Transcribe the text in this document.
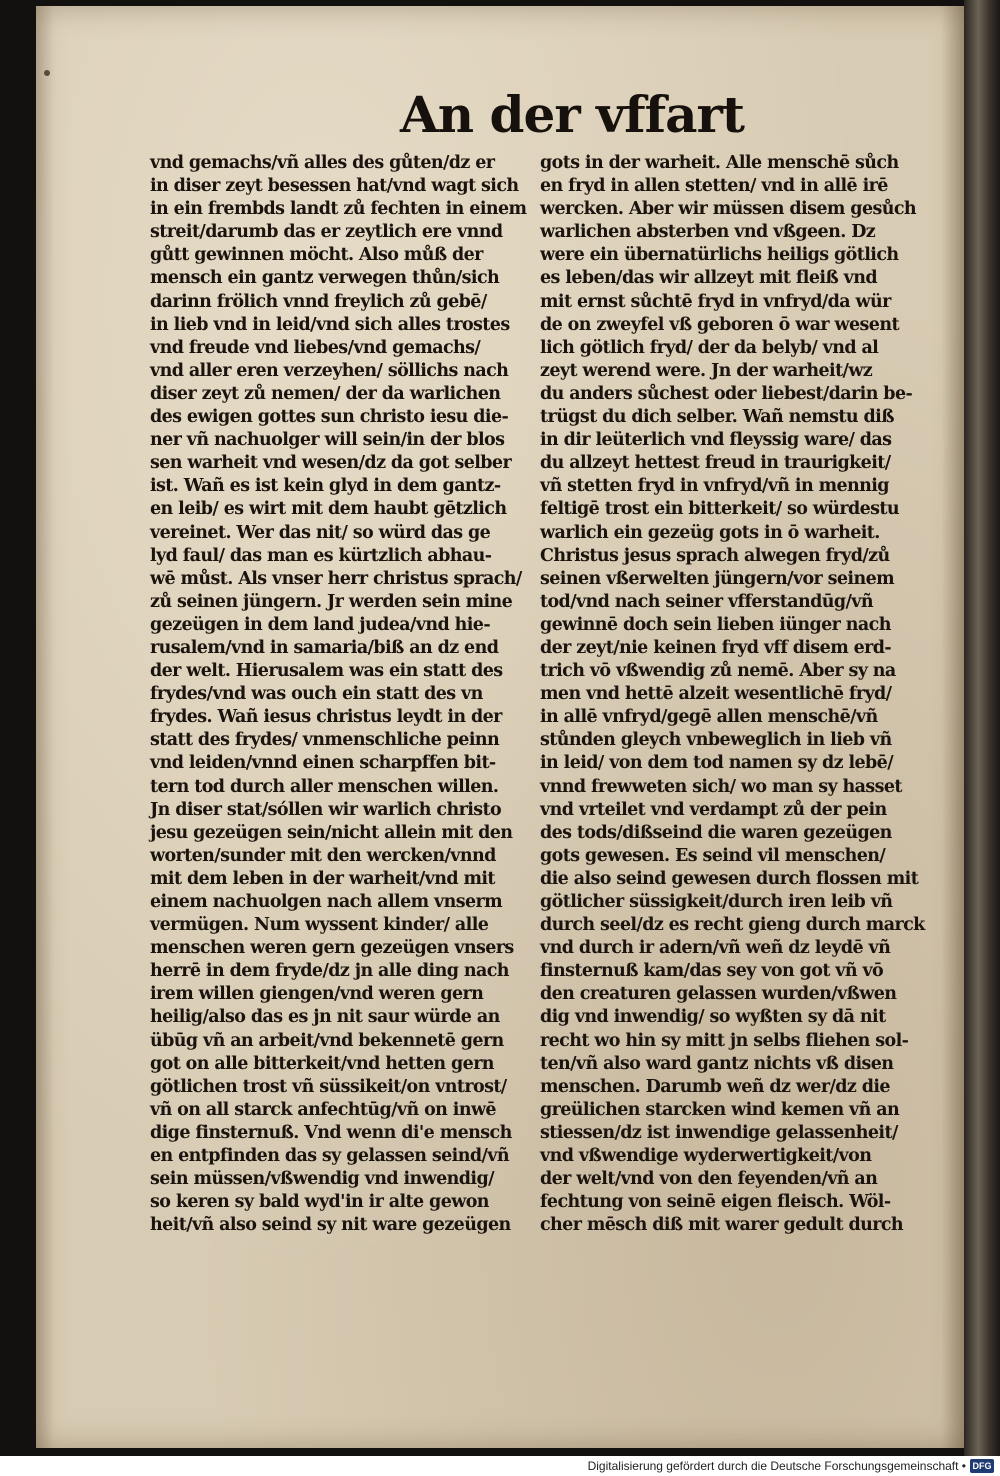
An der vffart
vnd gemachs/vñ alles des gůten/dz er
in diser zeyt besessen hat/vnd wagt sich
in ein frembds landt zů fechten in einem
streit/darumb das er zeytlich ere vnnd
gůtt gewinnen möcht. Also můß der
mensch ein gantz verwegen thůn/sich
darinn frölich vnnd freylich zů gebē/
in lieb vnd in leid/vnd sich alles trostes
vnd freude vnd liebes/vnd gemachs/
vnd aller eren verzeyhen/ söllichs nach
diser zeyt zů nemen/ der da warlichen
des ewigen gottes sun christo iesu die-
ner vñ nachuolger will sein/in der blos
sen warheit vnd wesen/dz da got selber
ist. Wañ es ist kein glyd in dem gantz-
en leib/ es wirt mit dem haubt gētzlich
vereinet. Wer das nit/ so würd das ge
lyd faul/ das man es kürtzlich abhau-
wē můst. Als vnser herr christus sprach/
zů seinen jüngern. Jr werden sein mine
gezeügen in dem land judea/vnd hie-
rusalem/vnd in samaria/biß an dz end
der welt. Hierusalem was ein statt des
frydes/vnd was ouch ein statt des vn
frydes. Wañ iesus christus leydt in der
statt des frydes/ vnmenschliche peinn
vnd leiden/vnnd einen scharpffen bit-
tern tod durch aller menschen willen.
Jn diser stat/sóllen wir warlich christo
jesu gezeügen sein/nicht allein mit den
worten/sunder mit den wercken/vnnd
mit dem leben in der warheit/vnd mit
einem nachuolgen nach allem vnserm
vermügen. Num wyssent kinder/ alle
menschen weren gern gezeügen vnsers
herrē in dem fryde/dz jn alle ding nach
irem willen giengen/vnd weren gern
heilig/also das es jn nit saur würde an
übūg vñ an arbeit/vnd bekennetē gern
got on alle bitterkeit/vnd hetten gern
götlichen trost vñ süssikeit/on vntrost/
vñ on all starck anfechtūg/vñ on inwē
dige finsternuß. Vnd wenn di'e mensch
en entpfinden das sy gelassen seind/vñ
sein müssen/vßwendig vnd inwendig/
so keren sy bald wyd'in ir alte gewon
heit/vñ also seind sy nit ware gezeügen
gots in der warheit. Alle menschē sůch
en fryd in allen stetten/ vnd in allē irē
wercken. Aber wir müssen disem gesůch
warlichen absterben vnd vßgeen. Dz
were ein übernatürlichs heiligs götlich
es leben/das wir allzeyt mit fleiß vnd
mit ernst sůchtē fryd in vnfryd/da wür
de on zweyfel vß geboren ō war wesent
lich götlich fryd/ der da belyb/ vnd al
zeyt werend were. Jn der warheit/wz
du anders sůchest oder liebest/darin be-
trügst du dich selber. Wañ nemstu diß
in dir leüterlich vnd fleyssig ware/ das
du allzeyt hettest freud in traurigkeit/
vñ stetten fryd in vnfryd/vñ in mennig
feltigē trost ein bitterkeit/ so würdestu
warlich ein gezeüg gots in ō warheit.
Christus jesus sprach alwegen fryd/zů
seinen vßerwelten jüngern/vor seinem
tod/vnd nach seiner vfferstandūg/vñ
gewinnē doch sein lieben iünger nach
der zeyt/nie keinen fryd vff disem erd-
trich vō vßwendig zů nemē. Aber sy na
men vnd hettē alzeit wesentlichē fryd/
in allē vnfryd/gegē allen menschē/vñ
stůnden gleych vnbeweglich in lieb vñ
in leid/ von dem tod namen sy dz lebē/
vnnd frewweten sich/ wo man sy hasset
vnd vrteilet vnd verdampt zů der pein
des tods/dißseind die waren gezeügen
gots gewesen. Es seind vil menschen/
die also seind gewesen durch flossen mit
götlicher süssigkeit/durch iren leib vñ
durch seel/dz es recht gieng durch marck
vnd durch ir adern/vñ weñ dz leydē vñ
finsternuß kam/das sey von got vñ vō
den creaturen gelassen wurden/vßwen
dig vnd inwendig/ so wyßten sy dā nit
recht wo hin sy mitt jn selbs fliehen sol-
ten/vñ also ward gantz nichts vß disen
menschen. Darumb weñ dz wer/dz die
greülichen starcken wind kemen vñ an
stiessen/dz ist inwendige gelassenheit/
vnd vßwendige wyderwertigkeit/von
der welt/vnd von den feyenden/vñ an
fechtung von seinē eigen fleisch. Wöl-
cher mēsch diß mit warer gedult durch
Digitalisierung gefördert durch die Deutsche Forschungsgemeinschaft • DFG
